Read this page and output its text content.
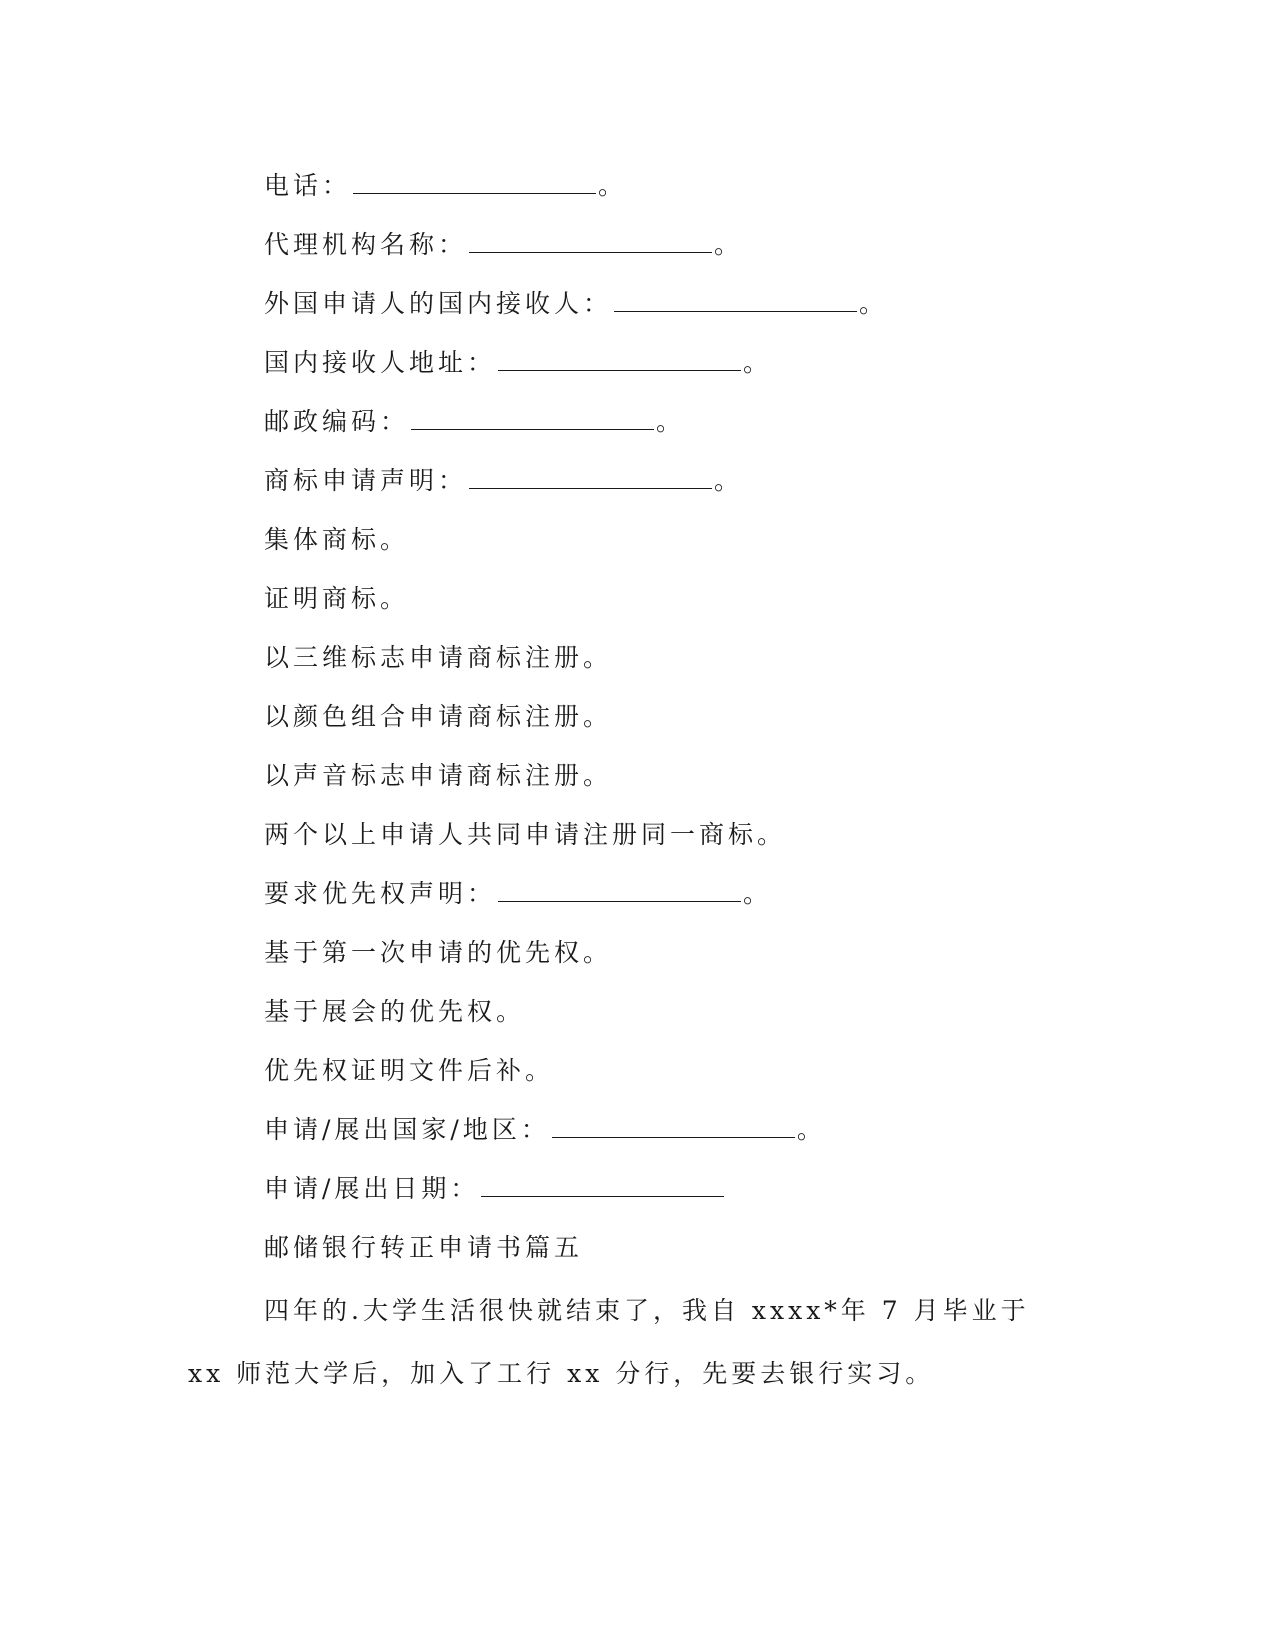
电话：	。
代理机构名称：	。
外国申请人的国内接收人：	。
国内接收人地址：	。
邮政编码：	。
商标申请声明：	。
集体商标。
证明商标。
以三维标志申请商标注册。
以颜色组合申请商标注册。
以声音标志申请商标注册。
两个以上申请人共同申请注册同一商标。
要求优先权声明：	。
基于第一次申请的优先权。
基于展会的优先权。
优先权证明文件后补。
申请/展出国家/地区：	。
申请/展出日期：
邮储银行转正申请书篇五
四年的.大学生活很快就结束了，我自 xxxx*年 7 月毕业于 xx 师范大学后，加入了工行 xx 分行，先要去银行实习。
